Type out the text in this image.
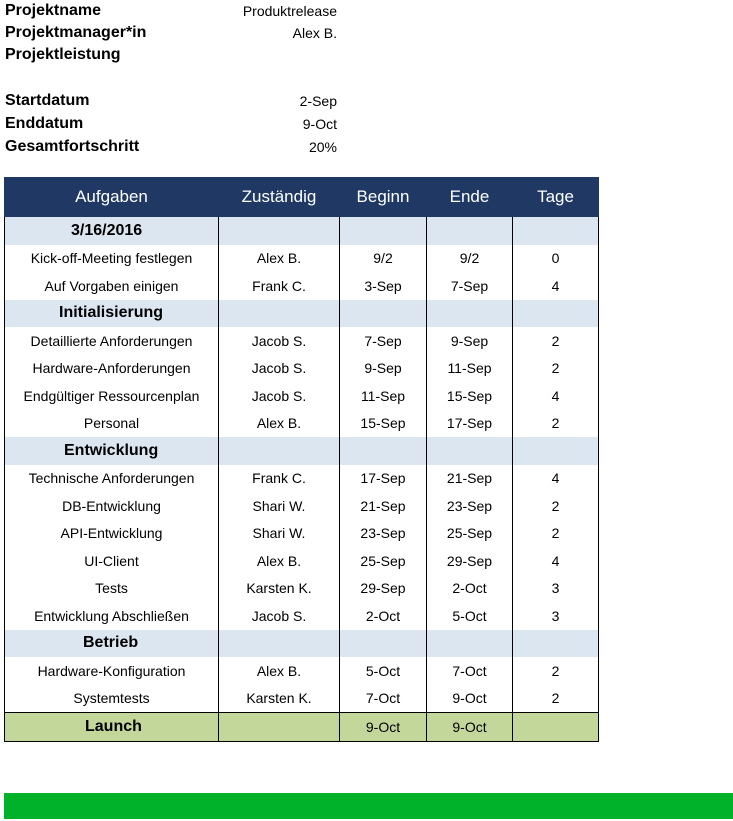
Projektname	Produktrelease
Projektmanager*in	Alex B.
Projektleistung
Startdatum	2-Sep
Enddatum	9-Oct
Gesamtfortschritt	20%
Aufgaben	Zuständig	Beginn	Ende	Tage
3/16/2016				
Kick-off-Meeting festlegen	Alex B.	9/2	9/2	0
Auf Vorgaben einigen	Frank C.	3-Sep	7-Sep	4
Initialisierung				
Detaillierte Anforderungen	Jacob S.	7-Sep	9-Sep	2
Hardware-Anforderungen	Jacob S.	9-Sep	11-Sep	2
Endgültiger Ressourcenplan	Jacob S.	11-Sep	15-Sep	4
Personal	Alex B.	15-Sep	17-Sep	2
Entwicklung				
Technische Anforderungen	Frank C.	17-Sep	21-Sep	4
DB-Entwicklung	Shari W.	21-Sep	23-Sep	2
API-Entwicklung	Shari W.	23-Sep	25-Sep	2
UI-Client	Alex B.	25-Sep	29-Sep	4
Tests	Karsten K.	29-Sep	2-Oct	3
Entwicklung Abschließen	Jacob S.	2-Oct	5-Oct	3
Betrieb				
Hardware-Konfiguration	Alex B.	5-Oct	7-Oct	2
Systemtests	Karsten K.	7-Oct	9-Oct	2
Launch		9-Oct	9-Oct	
